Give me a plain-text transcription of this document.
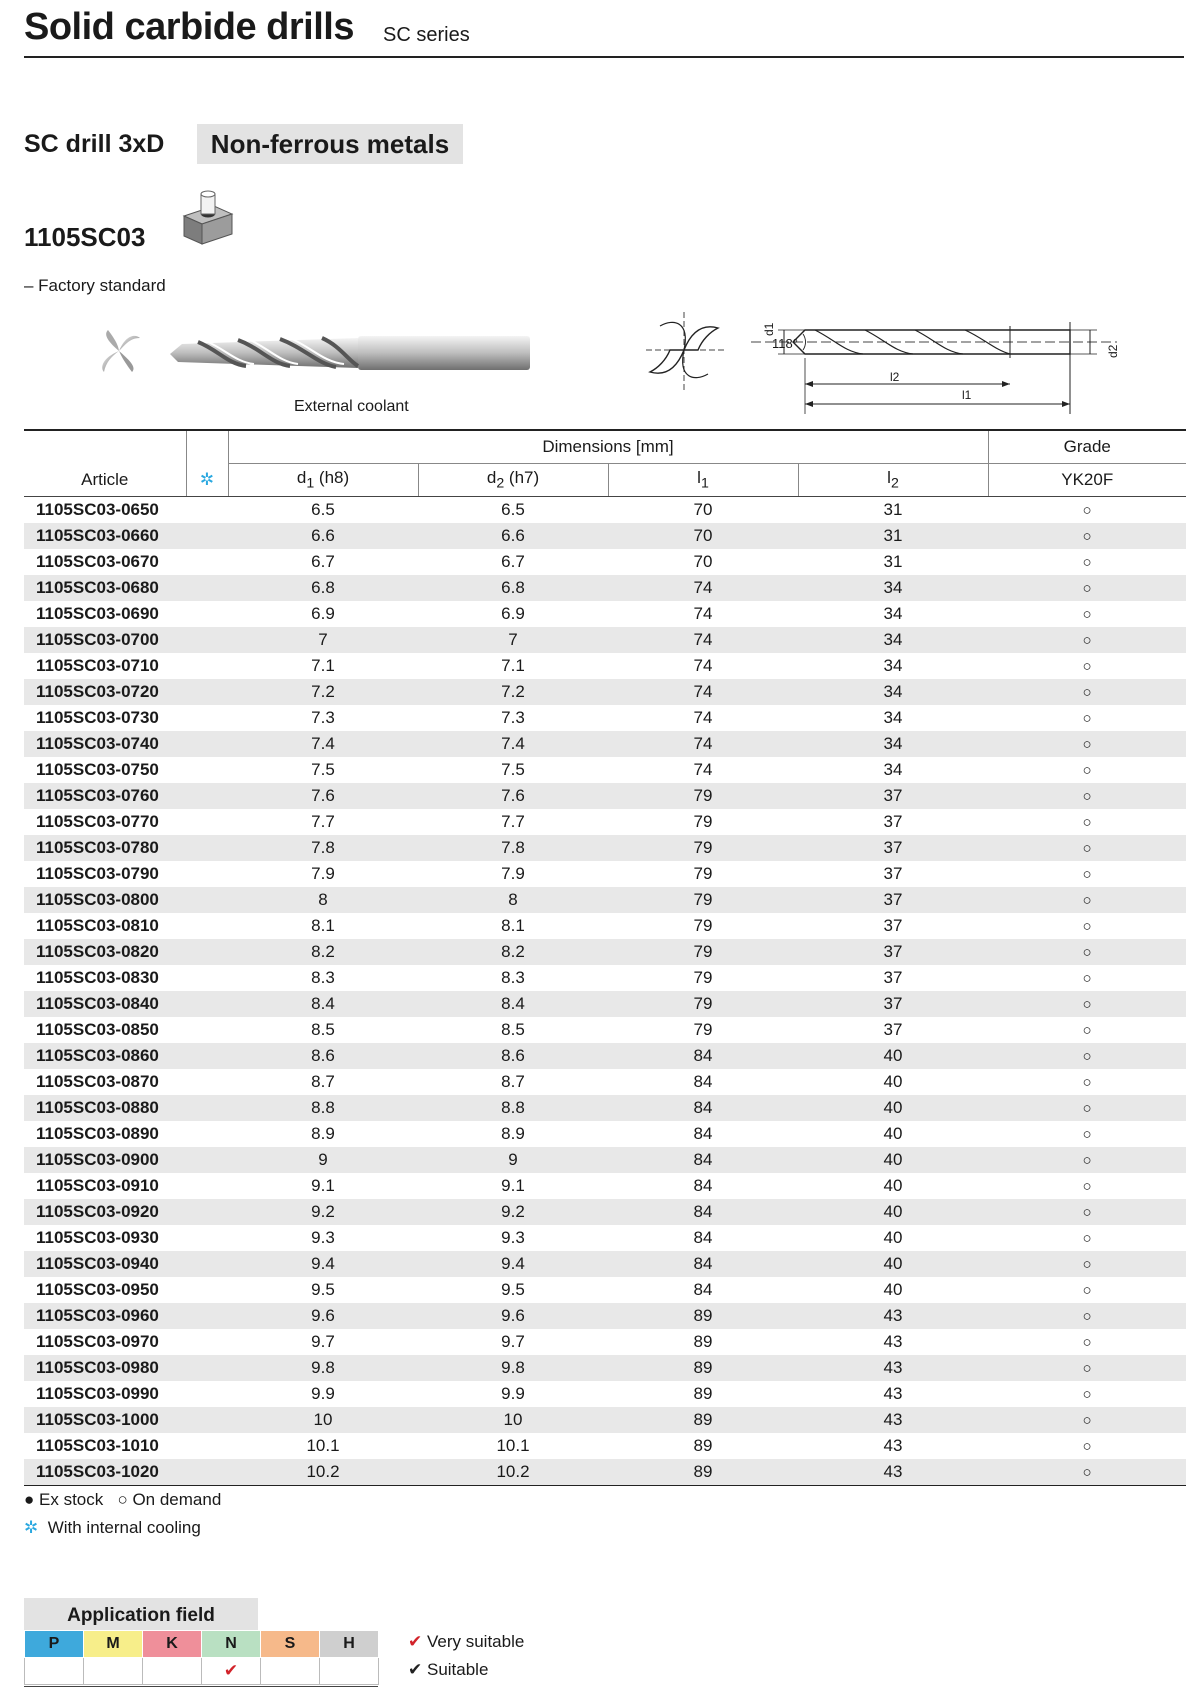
Solid carbide drills SC series
SC drill 3xD	Non-ferrous metals
1105SC03
– Factory standard
External coolant
d1
118°
d2
l2
l1
Article	✲	Dimensions [mm]				Grade
		$d_1$ (h8)	$d_2$ (h7)	$l_1$	$l_2$	YK20F
1105SC03-0650		6.5	6.5	70	31	○
1105SC03-0660		6.6	6.6	70	31	○
1105SC03-0670		6.7	6.7	70	31	○
1105SC03-0680		6.8	6.8	74	34	○
1105SC03-0690		6.9	6.9	74	34	○
1105SC03-0700		7	7	74	34	○
1105SC03-0710		7.1	7.1	74	34	○
1105SC03-0720		7.2	7.2	74	34	○
1105SC03-0730		7.3	7.3	74	34	○
1105SC03-0740		7.4	7.4	74	34	○
1105SC03-0750		7.5	7.5	74	34	○
1105SC03-0760		7.6	7.6	79	37	○
1105SC03-0770		7.7	7.7	79	37	○
1105SC03-0780		7.8	7.8	79	37	○
1105SC03-0790		7.9	7.9	79	37	○
1105SC03-0800		8	8	79	37	○
1105SC03-0810		8.1	8.1	79	37	○
1105SC03-0820		8.2	8.2	79	37	○
1105SC03-0830		8.3	8.3	79	37	○
1105SC03-0840		8.4	8.4	79	37	○
1105SC03-0850		8.5	8.5	79	37	○
1105SC03-0860		8.6	8.6	84	40	○
1105SC03-0870		8.7	8.7	84	40	○
1105SC03-0880		8.8	8.8	84	40	○
1105SC03-0890		8.9	8.9	84	40	○
1105SC03-0900		9	9	84	40	○
1105SC03-0910		9.1	9.1	84	40	○
1105SC03-0920		9.2	9.2	84	40	○
1105SC03-0930		9.3	9.3	84	40	○
1105SC03-0940		9.4	9.4	84	40	○
1105SC03-0950		9.5	9.5	84	40	○
1105SC03-0960		9.6	9.6	89	43	○
1105SC03-0970		9.7	9.7	89	43	○
1105SC03-0980		9.8	9.8	89	43	○
1105SC03-0990		9.9	9.9	89	43	○
1105SC03-1000		10	10	89	43	○
1105SC03-1010		10.1	10.1	89	43	○
1105SC03-1020		10.2	10.2	89	43	○
● Ex stock ○ On demand
✲ With internal cooling
Application field
P	M	K	N	S	H
			✔		
✔ Very suitable
✔ Suitable
